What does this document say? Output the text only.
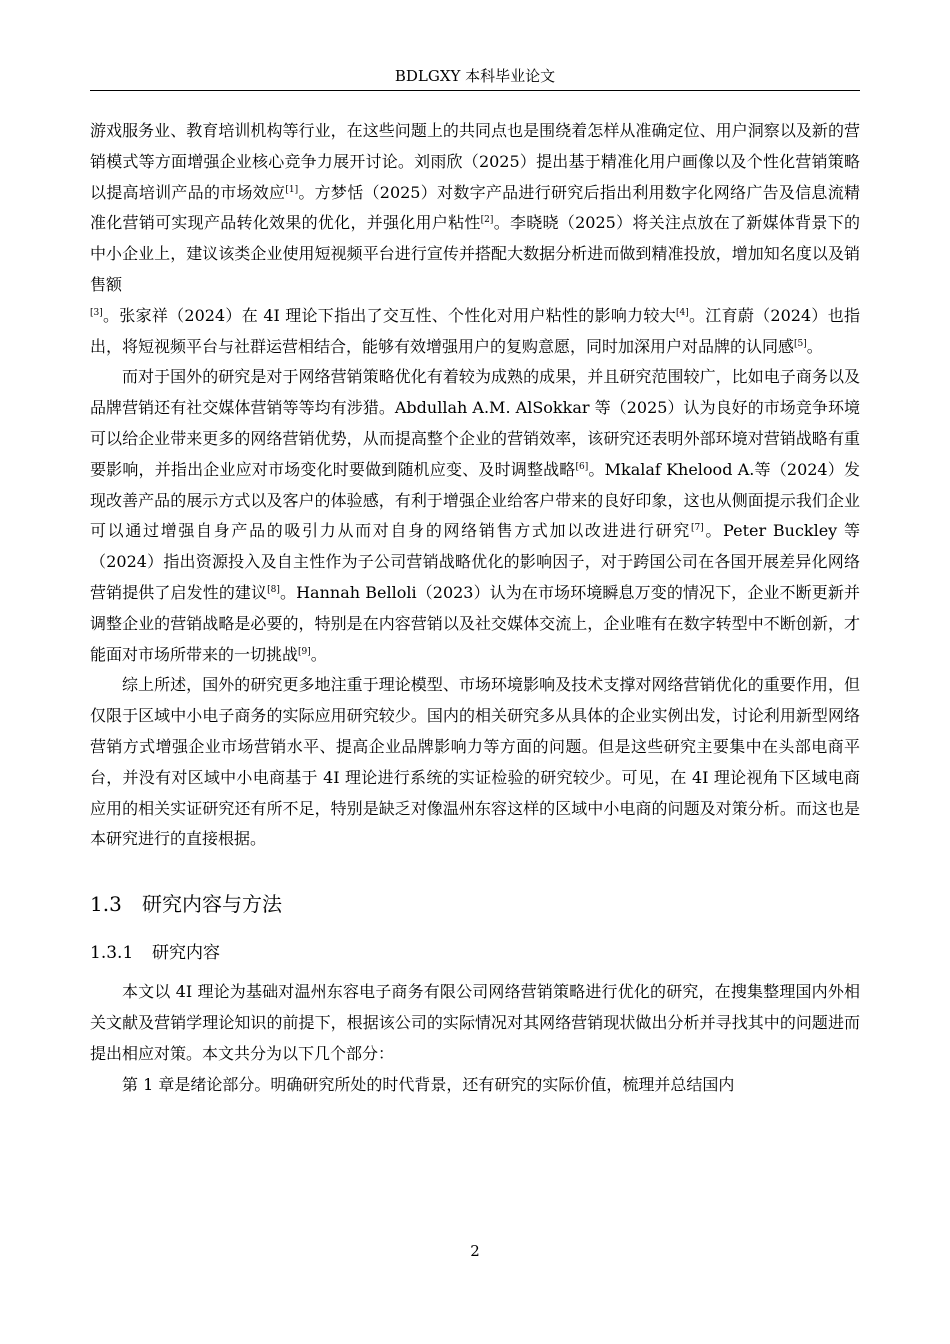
BDLGXY 本科毕业论文

游戏服务业、教育培训机构等行业，在这些问题上的共同点也是围绕着怎样从准确定位、用户洞察以及新的营销模式等方面增强企业核心竞争力展开讨论。刘雨欣（2025）提出基于精准化用户画像以及个性化营销策略以提高培训产品的市场效应[1]。方梦恬（2025）对数字产品进行研究后指出利用数字化网络广告及信息流精准化营销可实现产品转化效果的优化，并强化用户粘性[2]。李晓晓（2025）将关注点放在了新媒体背景下的中小企业上，建议该类企业使用短视频平台进行宣传并搭配大数据分析进而做到精准投放，增加知名度以及销售额
[3]。张家祥（2024）在 4I 理论下指出了交互性、个性化对用户粘性的影响力较大[4]。江育蔚（2024）也指出，将短视频平台与社群运营相结合，能够有效增强用户的复购意愿，同时加深用户对品牌的认同感[5]。

而对于国外的研究是对于网络营销策略优化有着较为成熟的成果，并且研究范围较广，比如电子商务以及品牌营销还有社交媒体营销等等均有涉猎。Abdullah A.M. AlSokkar 等（2025）认为良好的市场竞争环境可以给企业带来更多的网络营销优势，从而提高整个企业的营销效率，该研究还表明外部环境对营销战略有重要影响，并指出企业应对市场变化时要做到随机应变、及时调整战略[6]。Mkalaf Khelood A.等（2024）发现改善产品的展示方式以及客户的体验感，有利于增强企业给客户带来的良好印象，这也从侧面提示我们企业可以通过增强自身产品的吸引力从而对自身的网络销售方式加以改进进行研究[7]。Peter Buckley 等（2024）指出资源投入及自主性作为子公司营销战略优化的影响因子，对于跨国公司在各国开展差异化网络营销提供了启发性的建议[8]。Hannah Belloli（2023）认为在市场环境瞬息万变的情况下，企业不断更新并调整企业的营销战略是必要的，特别是在内容营销以及社交媒体交流上，企业唯有在数字转型中不断创新，才能面对市场所带来的一切挑战[9]。

综上所述，国外的研究更多地注重于理论模型、市场环境影响及技术支撑对网络营销优化的重要作用，但仅限于区域中小电子商务的实际应用研究较少。国内的相关研究多从具体的企业实例出发，讨论利用新型网络营销方式增强企业市场营销水平、提高企业品牌影响力等方面的问题。但是这些研究主要集中在头部电商平台，并没有对区域中小电商基于 4I 理论进行系统的实证检验的研究较少。可见，在 4I 理论视角下区域电商应用的相关实证研究还有所不足，特别是缺乏对像温州东容这样的区域中小电商的问题及对策分析。而这也是本研究进行的直接根据。

1.3 研究内容与方法
1.3.1 研究内容

本文以 4I 理论为基础对温州东容电子商务有限公司网络营销策略进行优化的研究，在搜集整理国内外相关文献及营销学理论知识的前提下，根据该公司的实际情况对其网络营销现状做出分析并寻找其中的问题进而提出相应对策。本文共分为以下几个部分：

第 1 章是绪论部分。明确研究所处的时代背景，还有研究的实际价值，梳理并总结国内

2
